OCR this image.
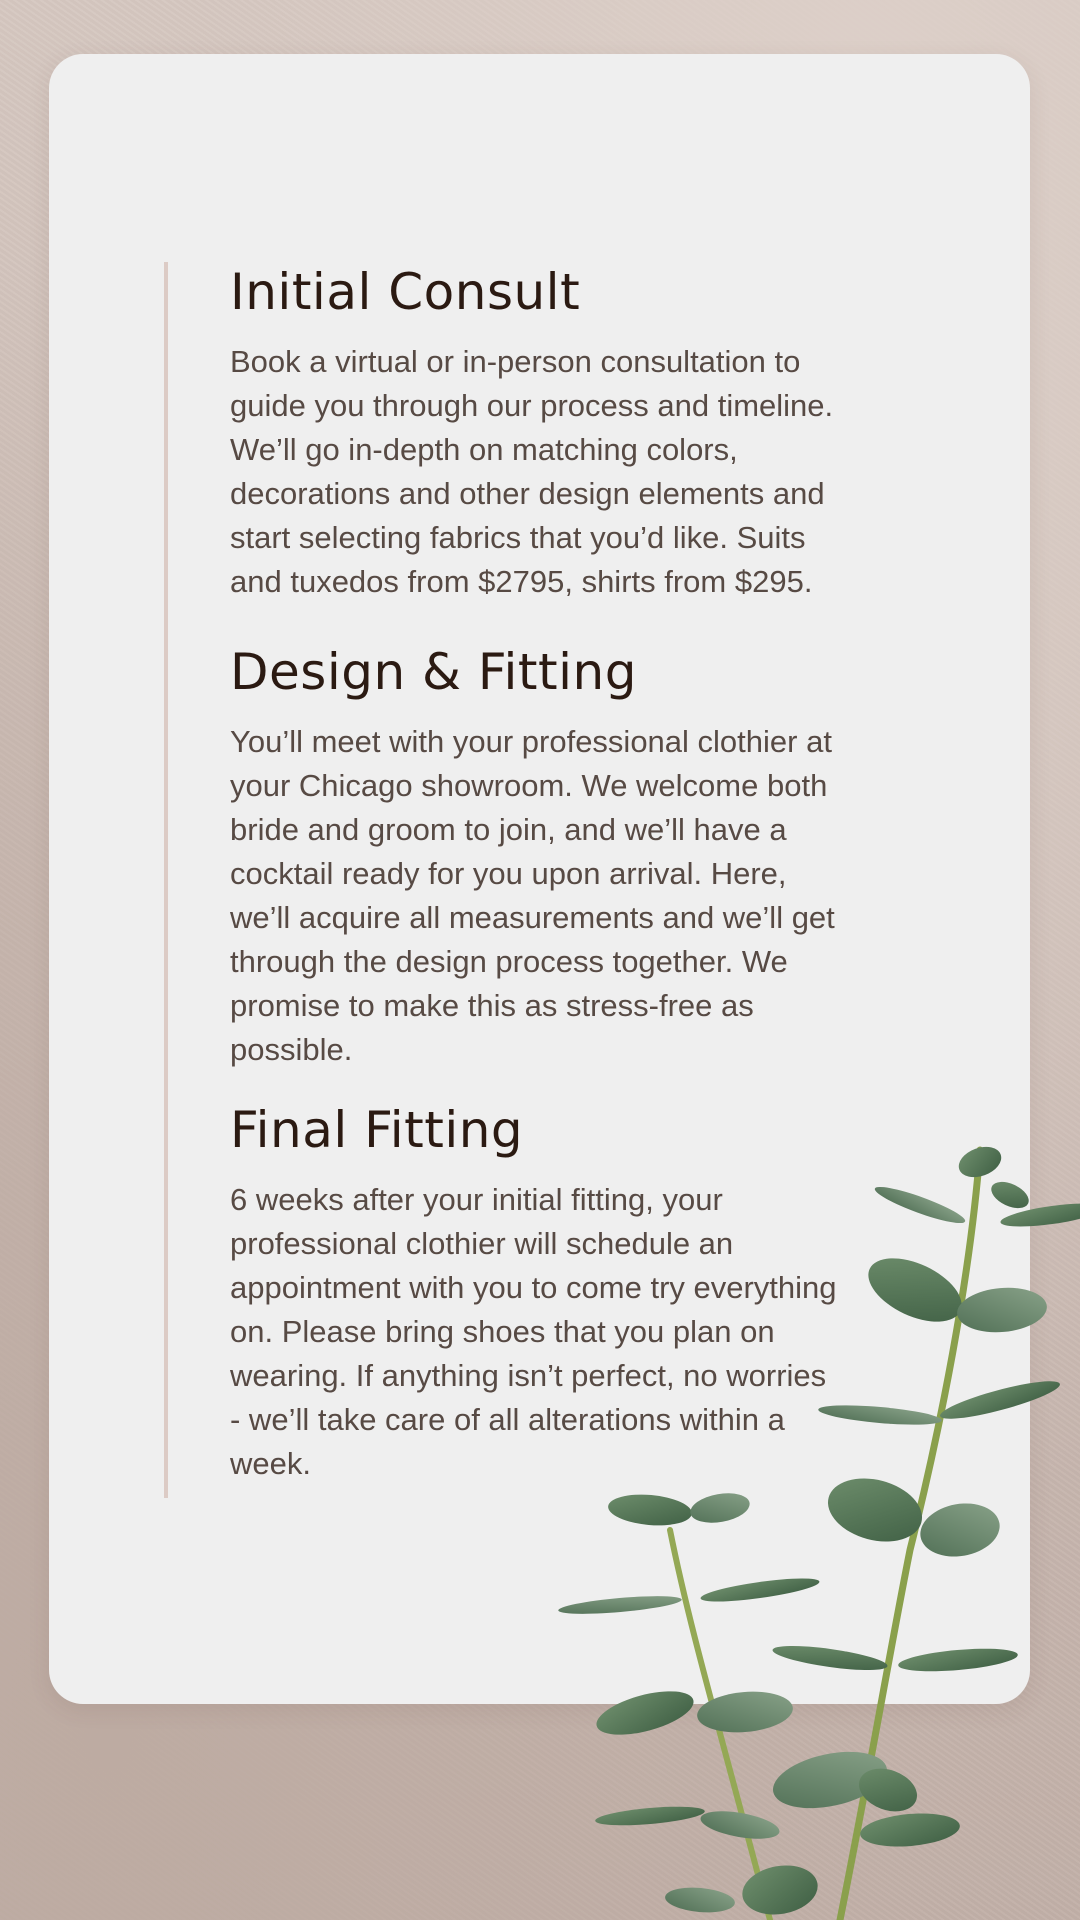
Initial Consult

Book a virtual or in-person consultation to guide you through our process and timeline. We’ll go in-depth on matching colors, decorations and other design elements and start selecting fabrics that you’d like. Suits and tuxedos from $2795, shirts from $295.

Design & Fitting

You’ll meet with your professional clothier at your Chicago showroom. We welcome both bride and groom to join, and we’ll have a cocktail ready for you upon arrival. Here, we’ll acquire all measurements and we’ll get through the design process together. We promise to make this as stress-free as possible.

Final Fitting

6 weeks after your initial fitting, your professional clothier will schedule an appointment with you to come try everything on. Please bring shoes that you plan on wearing. If anything isn’t perfect, no worries - we’ll take care of all alterations within a week.
